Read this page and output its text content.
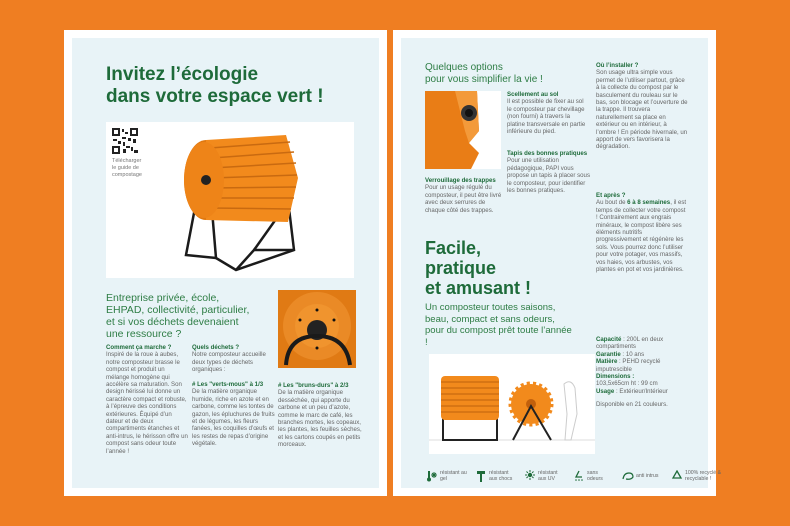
Invitez l’écologie
dans votre espace vert !
Télécharger
le guide de
compostage
Entreprise privée, école,
EHPAD, collectivité, particulier,
et si vos déchets devenaient
une ressource ?
Comment ça marche ?
Inspiré de la roue à aubes, notre composteur brasse le compost et produit un mélange homogène qui accélère sa maturation. Son design hérissé lui donne un caractère compact et robuste, à l’épreuve des conditions extérieures. Équipé d’un dateur et de deux compartiments étanches et anti-intrus, le hérisson offre un compost sans odeur toute l’année !
Quels déchets ?
Notre composteur accueille deux types de déchets organiques :

# Les "verts-mous" à 1/3
De la matière organique humide, riche en azote et en carbone, comme les tontes de gazon, les épluchures de fruits et de légumes, les fleurs fanées, les coquilles d’œufs et les restes de repas d’origine végétale.
# Les "bruns-durs" à 2/3
De la matière organique desséchée, qui apporte du carbone et un peu d’azote, comme le marc de café, les branches mortes, les copeaux, les plantes, les feuilles sèches, et les cartons coupés en petits morceaux.
Quelques options
pour vous simplifier la vie !
Scellement au sol
Il est possible de fixer au sol le composteur par chevillage (non fourni) à travers la platine transversale en partie inférieure du pied.
Tapis des bonnes pratiques
Pour une utilisation pédagogique, PAPI vous propose un tapis à placer sous le composteur, pour identifier les bonnes pratiques.
Verrouillage des trappes
Pour un usage régulé du composteur, il peut être livré avec deux serrures de chaque côté des trappes.
Facile,
pratique
et amusant !
Un composteur toutes saisons, beau, compact et sans odeurs, pour du compost prêt toute l’année !
Où l’installer ?
Son usage ultra simple vous permet de l’utiliser partout, grâce à la collecte du compost par le basculement du rouleau sur le bas, son blocage et l’ouverture de la trappe. Il trouvera naturellement sa place en extérieur ou en intérieur, à l’ombre ! En période hivernale, un apport de vers favorisera la dégradation.
Et après ?
Au bout de 6 à 8 semaines, il est temps de collecter votre compost ! Contrairement aux engrais minéraux, le compost libère ses éléments nutritifs progressivement et régénère les sols. Vous pourrez donc l’utiliser pour votre potager, vos massifs, vos haies, vos arbustes, vos plantes en pot et vos jardinières.
Capacité : 200L en deux compartiments
Garantie : 10 ans
Matière : PEHD recyclé imputrescible
Dimensions :
103,5x65cm ht : 99 cm
Usage : Extérieur/Intérieur
Disponible en 21 couleurs.
résistant au gel
résistant aux chocs
résistant aux UV
sans odeurs	anti intrus	100% recyclé & recyclable !
